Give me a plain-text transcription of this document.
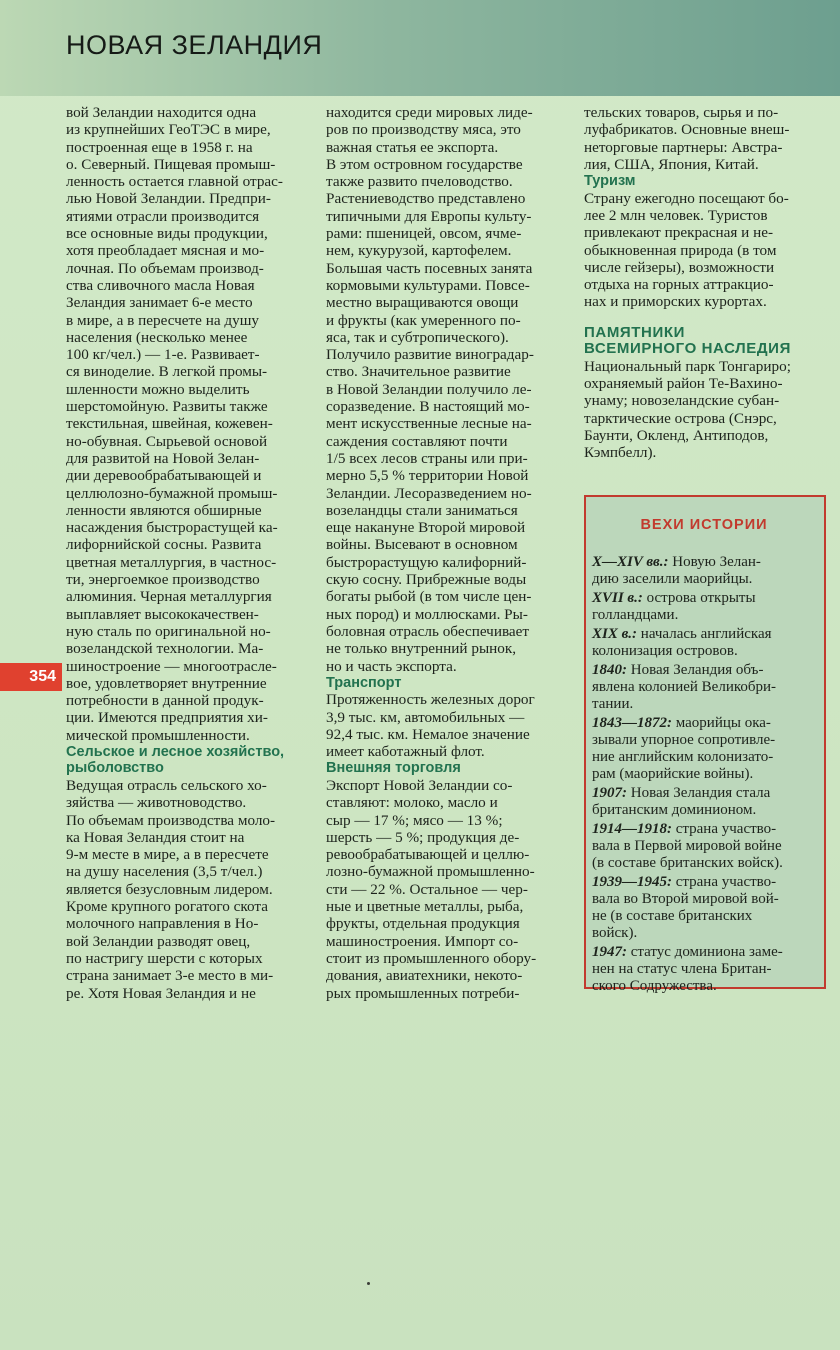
НОВАЯ ЗЕЛАНДИЯ
354

вой Зеландии находится одна
из крупнейших ГеоТЭС в мире,
построенная еще в 1958 г. на
о. Северный. Пищевая промыш-
ленность остается главной отрас-
лью Новой Зеландии. Предпри-
ятиями отрасли производится
все основные виды продукции,
хотя преобладает мясная и мо-
лочная. По объемам производ-
ства сливочного масла Новая
Зеландия занимает 6-е место
в мире, а в пересчете на душу
населения (несколько менее
100 кг/чел.) — 1-е. Развивает-
ся виноделие. В легкой промы-
шленности можно выделить
шерстомойную. Развиты также
текстильная, швейная, кожевен-
но-обувная. Сырьевой основой
для развитой на Новой Зелан-
дии деревообрабатывающей и
целлюлозно-бумажной промыш-
ленности являются обширные
насаждения быстрорастущей ка-
лифорнийской сосны. Развита
цветная металлургия, в частнос-
ти, энергоемкое производство
алюминия. Черная металлургия
выплавляет высококачествен-
ную сталь по оригинальной но-
возеландской технологии. Ма-
шиностроение — многоотрасле-
вое, удовлетворяет внутренние
потребности в данной продук-
ции. Имеются предприятия хи-
мической промышленности.

Сельское и лесное хозяйство,
рыболовство

Ведущая отрасль сельского хо-
зяйства — животноводство.
По объемам производства моло-
ка Новая Зеландия стоит на
9-м месте в мире, а в пересчете
на душу населения (3,5 т/чел.)
является безусловным лидером.
Кроме крупного рогатого скота
молочного направления в Но-
вой Зеландии разводят овец,
по настригу шерсти с которых
страна занимает 3-е место в ми-
ре. Хотя Новая Зеландия и не

находится среди мировых лиде-
ров по производству мяса, это
важная статья ее экспорта.
В этом островном государстве
также развито пчеловодство.
Растениеводство представлено
типичными для Европы культу-
рами: пшеницей, овсом, ячме-
нем, кукурузой, картофелем.
Большая часть посевных занята
кормовыми культурами. Повсе-
местно выращиваются овощи
и фрукты (как умеренного по-
яса, так и субтропического).
Получило развитие виноградар-
ство. Значительное развитие
в Новой Зеландии получило ле-
соразведение. В настоящий мо-
мент искусственные лесные на-
саждения составляют почти
1/5 всех лесов страны или при-
мерно 5,5 % территории Новой
Зеландии. Лесоразведением но-
возеландцы стали заниматься
еще накануне Второй мировой
войны. Высевают в основном
быстрорастущую калифорний-
скую сосну. Прибрежные воды
богаты рыбой (в том числе цен-
ных пород) и моллюсками. Ры-
боловная отрасль обеспечивает
не только внутренний рынок,
но и часть экспорта.

Транспорт

Протяженность железных дорог
3,9 тыс. км, автомобильных —
92,4 тыс. км. Немалое значение
имеет каботажный флот.

Внешняя торговля

Экспорт Новой Зеландии со-
ставляют: молоко, масло и
сыр — 17 %; мясо — 13 %;
шерсть — 5 %; продукция де-
ревообрабатывающей и целлю-
лозно-бумажной промышленно-
сти — 22 %. Остальное — чер-
ные и цветные металлы, рыба,
фрукты, отдельная продукция
машиностроения. Импорт со-
стоит из промышленного обору-
дования, авиатехники, некото-
рых промышленных потреби-

тельских товаров, сырья и по-
луфабрикатов. Основные внеш-
неторговые партнеры: Австра-
лия, США, Япония, Китай.

Туризм

Страну ежегодно посещают бо-
лее 2 млн человек. Туристов
привлекают прекрасная и не-
обыкновенная природа (в том
числе гейзеры), возможности
отдыха на горных аттракцио-
нах и приморских курортах.

ПАМЯТНИКИ
ВСЕМИРНОГО НАСЛЕДИЯ

Национальный парк Тонгариро;
охраняемый район Те-Вахино-
унаму; новозеландские субан-
тарктические острова (Снэрс,
Баунти, Окленд, Антиподов,
Кэмпбелл).

ВЕХИ ИСТОРИИ

X—XIV вв.: Новую Зелан-
дию заселили маорийцы.

XVII в.: острова открыты
голландцами.

XIX в.: началась английская
колонизация островов.

1840: Новая Зеландия объ-
явлена колонией Великобри-
тании.

1843—1872: маорийцы ока-
зывали упорное сопротивле-
ние английским колонизато-
рам (маорийские войны).

1907: Новая Зеландия стала
британским доминионом.

1914—1918: страна участво-
вала в Первой мировой войне
(в составе британских войск).

1939—1945: страна участво-
вала во Второй мировой вой-
не (в составе британских
войск).

1947: статус доминиона заме-
нен на статус члена Британ-
ского Содружества.
